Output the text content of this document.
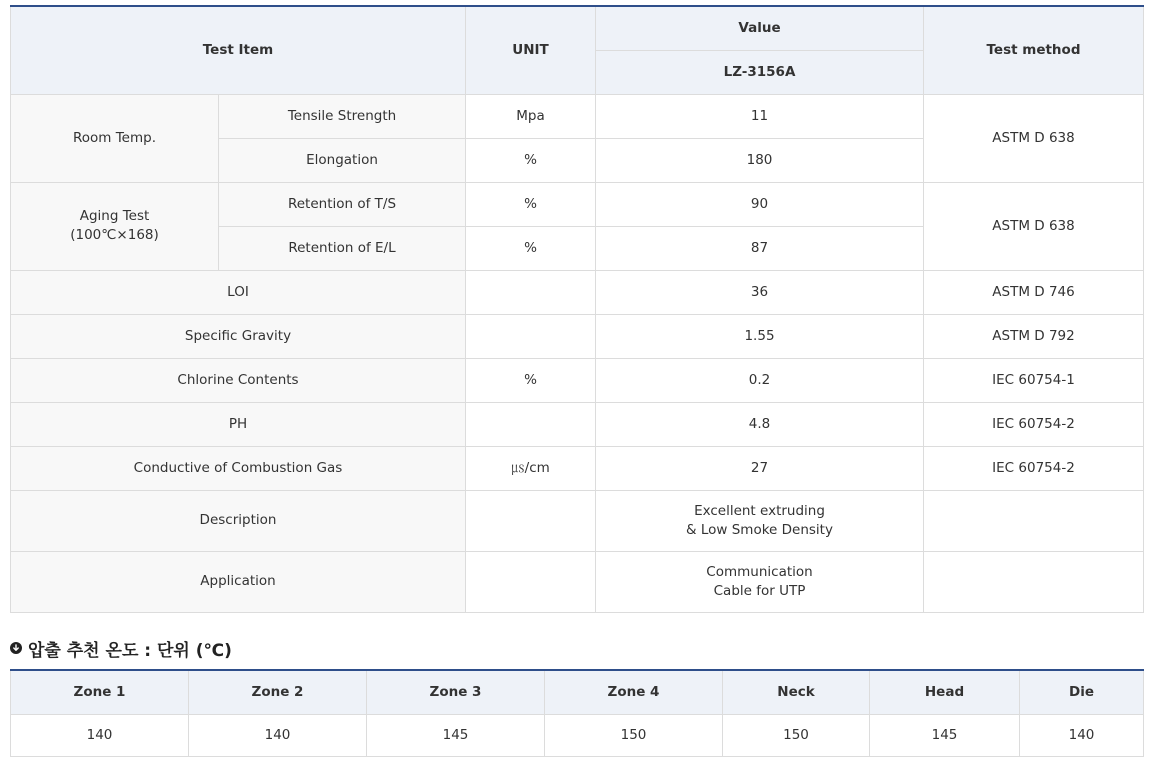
Test Item		UNIT	Value	Test method
			LZ-3156A	
Room Temp.	Tensile Strength	Mpa	11	ASTM D 638
	Elongation	%	180	

Aging Test
(100℃×168)	Retention of T/S	%	90	ASTM D 638
	Retention of E/L	%	87	
LOI			36	ASTM D 746
Specific Gravity			1.55	ASTM D 792
Chlorine Contents		%	0.2	IEC 60754-1
PH			4.8	IEC 60754-2
Conductive of Combustion Gas		㎲/cm	27	IEC 60754-2
Description			Excellent extruding
& Low Smoke Density	

Application			Communication
Cable for UTP	

압출 추천 온도 : 단위 (℃)
Zone 1	Zone 2	Zone 3	Zone 4	Neck	Head	Die
140	140	145	150	150	145	140
